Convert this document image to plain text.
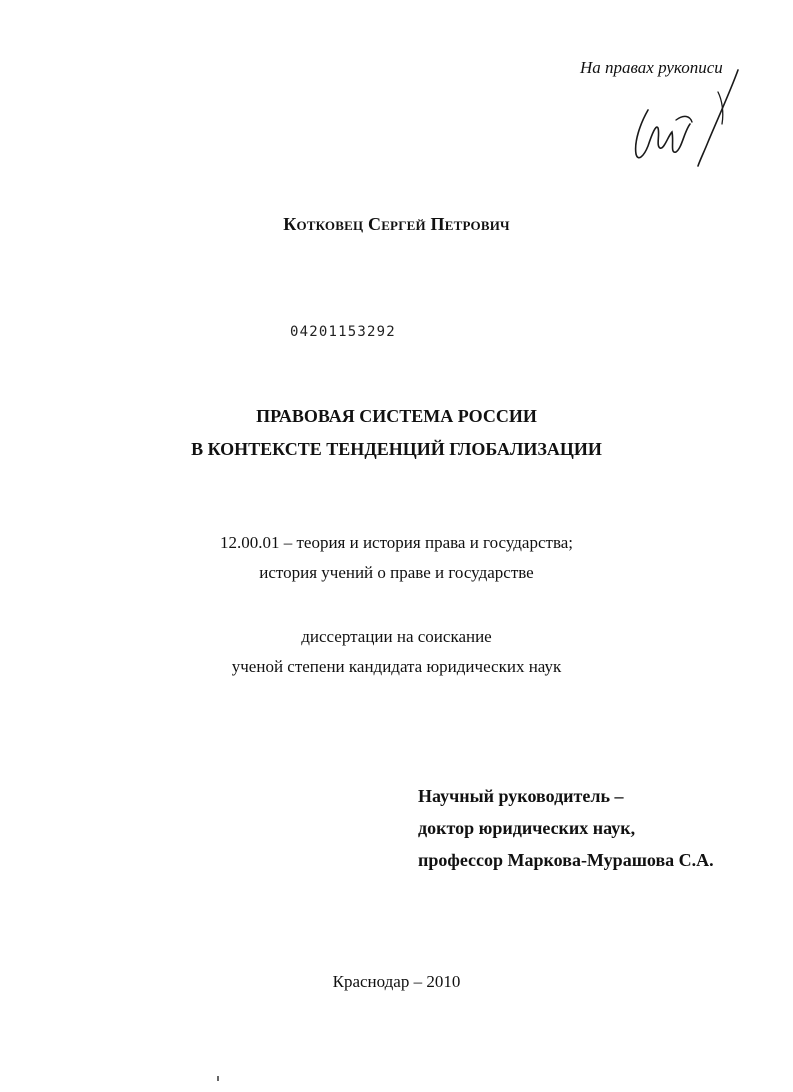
На правах рукописи
Котковец Сергей Петрович
04201153292
ПРАВОВАЯ СИСТЕМА РОССИИ
В КОНТЕКСТЕ ТЕНДЕНЦИЙ ГЛОБАЛИЗАЦИИ
12.00.01 – теория и история права и государства;
история учений о праве и государстве
диссертации на соискание
ученой степени кандидата юридических наук
Научный руководитель –
доктор юридических наук,
профессор Маркова-Мурашова С.А.
Краснодар – 2010
